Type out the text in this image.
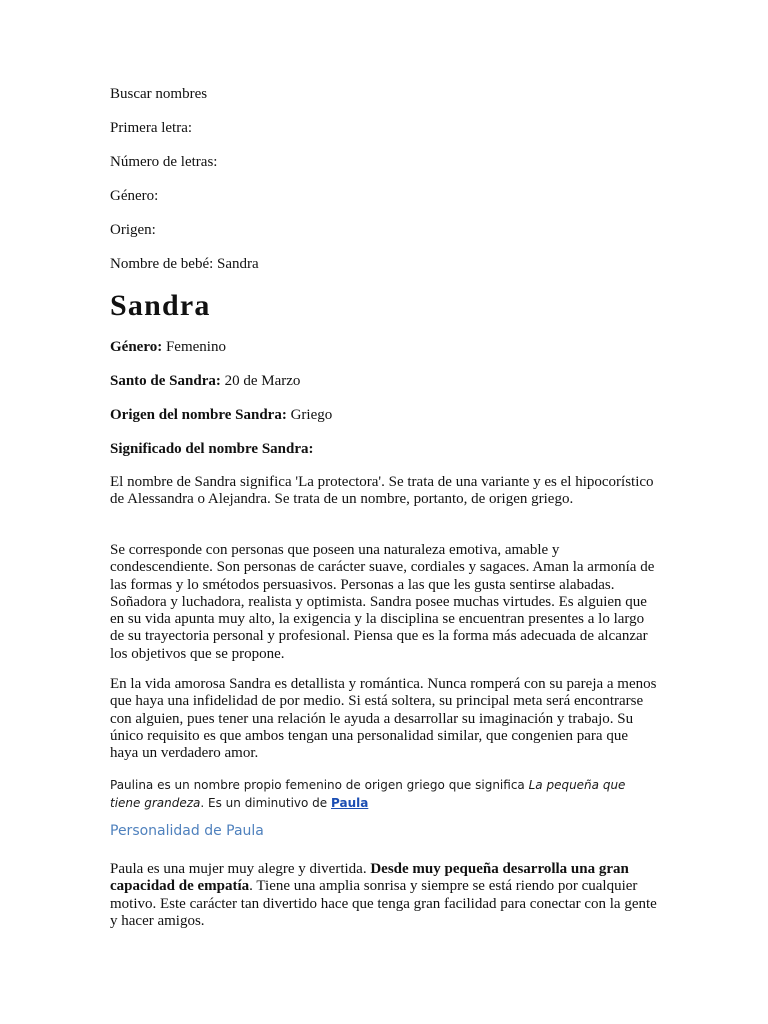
Buscar nombres
Primera letra:
Número de letras:
Género:
Origen:
Nombre de bebé: Sandra
Sandra
Género: Femenino
Santo de Sandra: 20 de Marzo
Origen del nombre Sandra: Griego
Significado del nombre Sandra:
El nombre de Sandra significa 'La protectora'. Se trata de una variante y es el hipocorístico de Alessandra o Alejandra. Se trata de un nombre, portanto, de origen griego.
Se corresponde con personas que poseen una naturaleza emotiva, amable y condescendiente. Son personas de carácter suave, cordiales y sagaces. Aman la armonía de las formas y lo smétodos persuasivos. Personas a las que les gusta sentirse alabadas. Soñadora y luchadora, realista y optimista. Sandra posee muchas virtudes. Es alguien que en su vida apunta muy alto, la exigencia y la disciplina se encuentran presentes a lo largo de su trayectoria personal y profesional. Piensa que es la forma más adecuada de alcanzar los objetivos que se propone.
En la vida amorosa Sandra es detallista y romántica. Nunca romperá con su pareja a menos que haya una infidelidad de por medio. Si está soltera, su principal meta será encontrarse con alguien, pues tener una relación le ayuda a desarrollar su imaginación y trabajo. Su único requisito es que ambos tengan una personalidad similar, que congenien para que haya un verdadero amor.
Paulina es un nombre propio femenino de origen griego que significa La pequeña que tiene grandeza. Es un diminutivo de Paula
Personalidad de Paula
Paula es una mujer muy alegre y divertida. Desde muy pequeña desarrolla una gran capacidad de empatía. Tiene una amplia sonrisa y siempre se está riendo por cualquier motivo. Este carácter tan divertido hace que tenga gran facilidad para conectar con la gente y hacer amigos.
